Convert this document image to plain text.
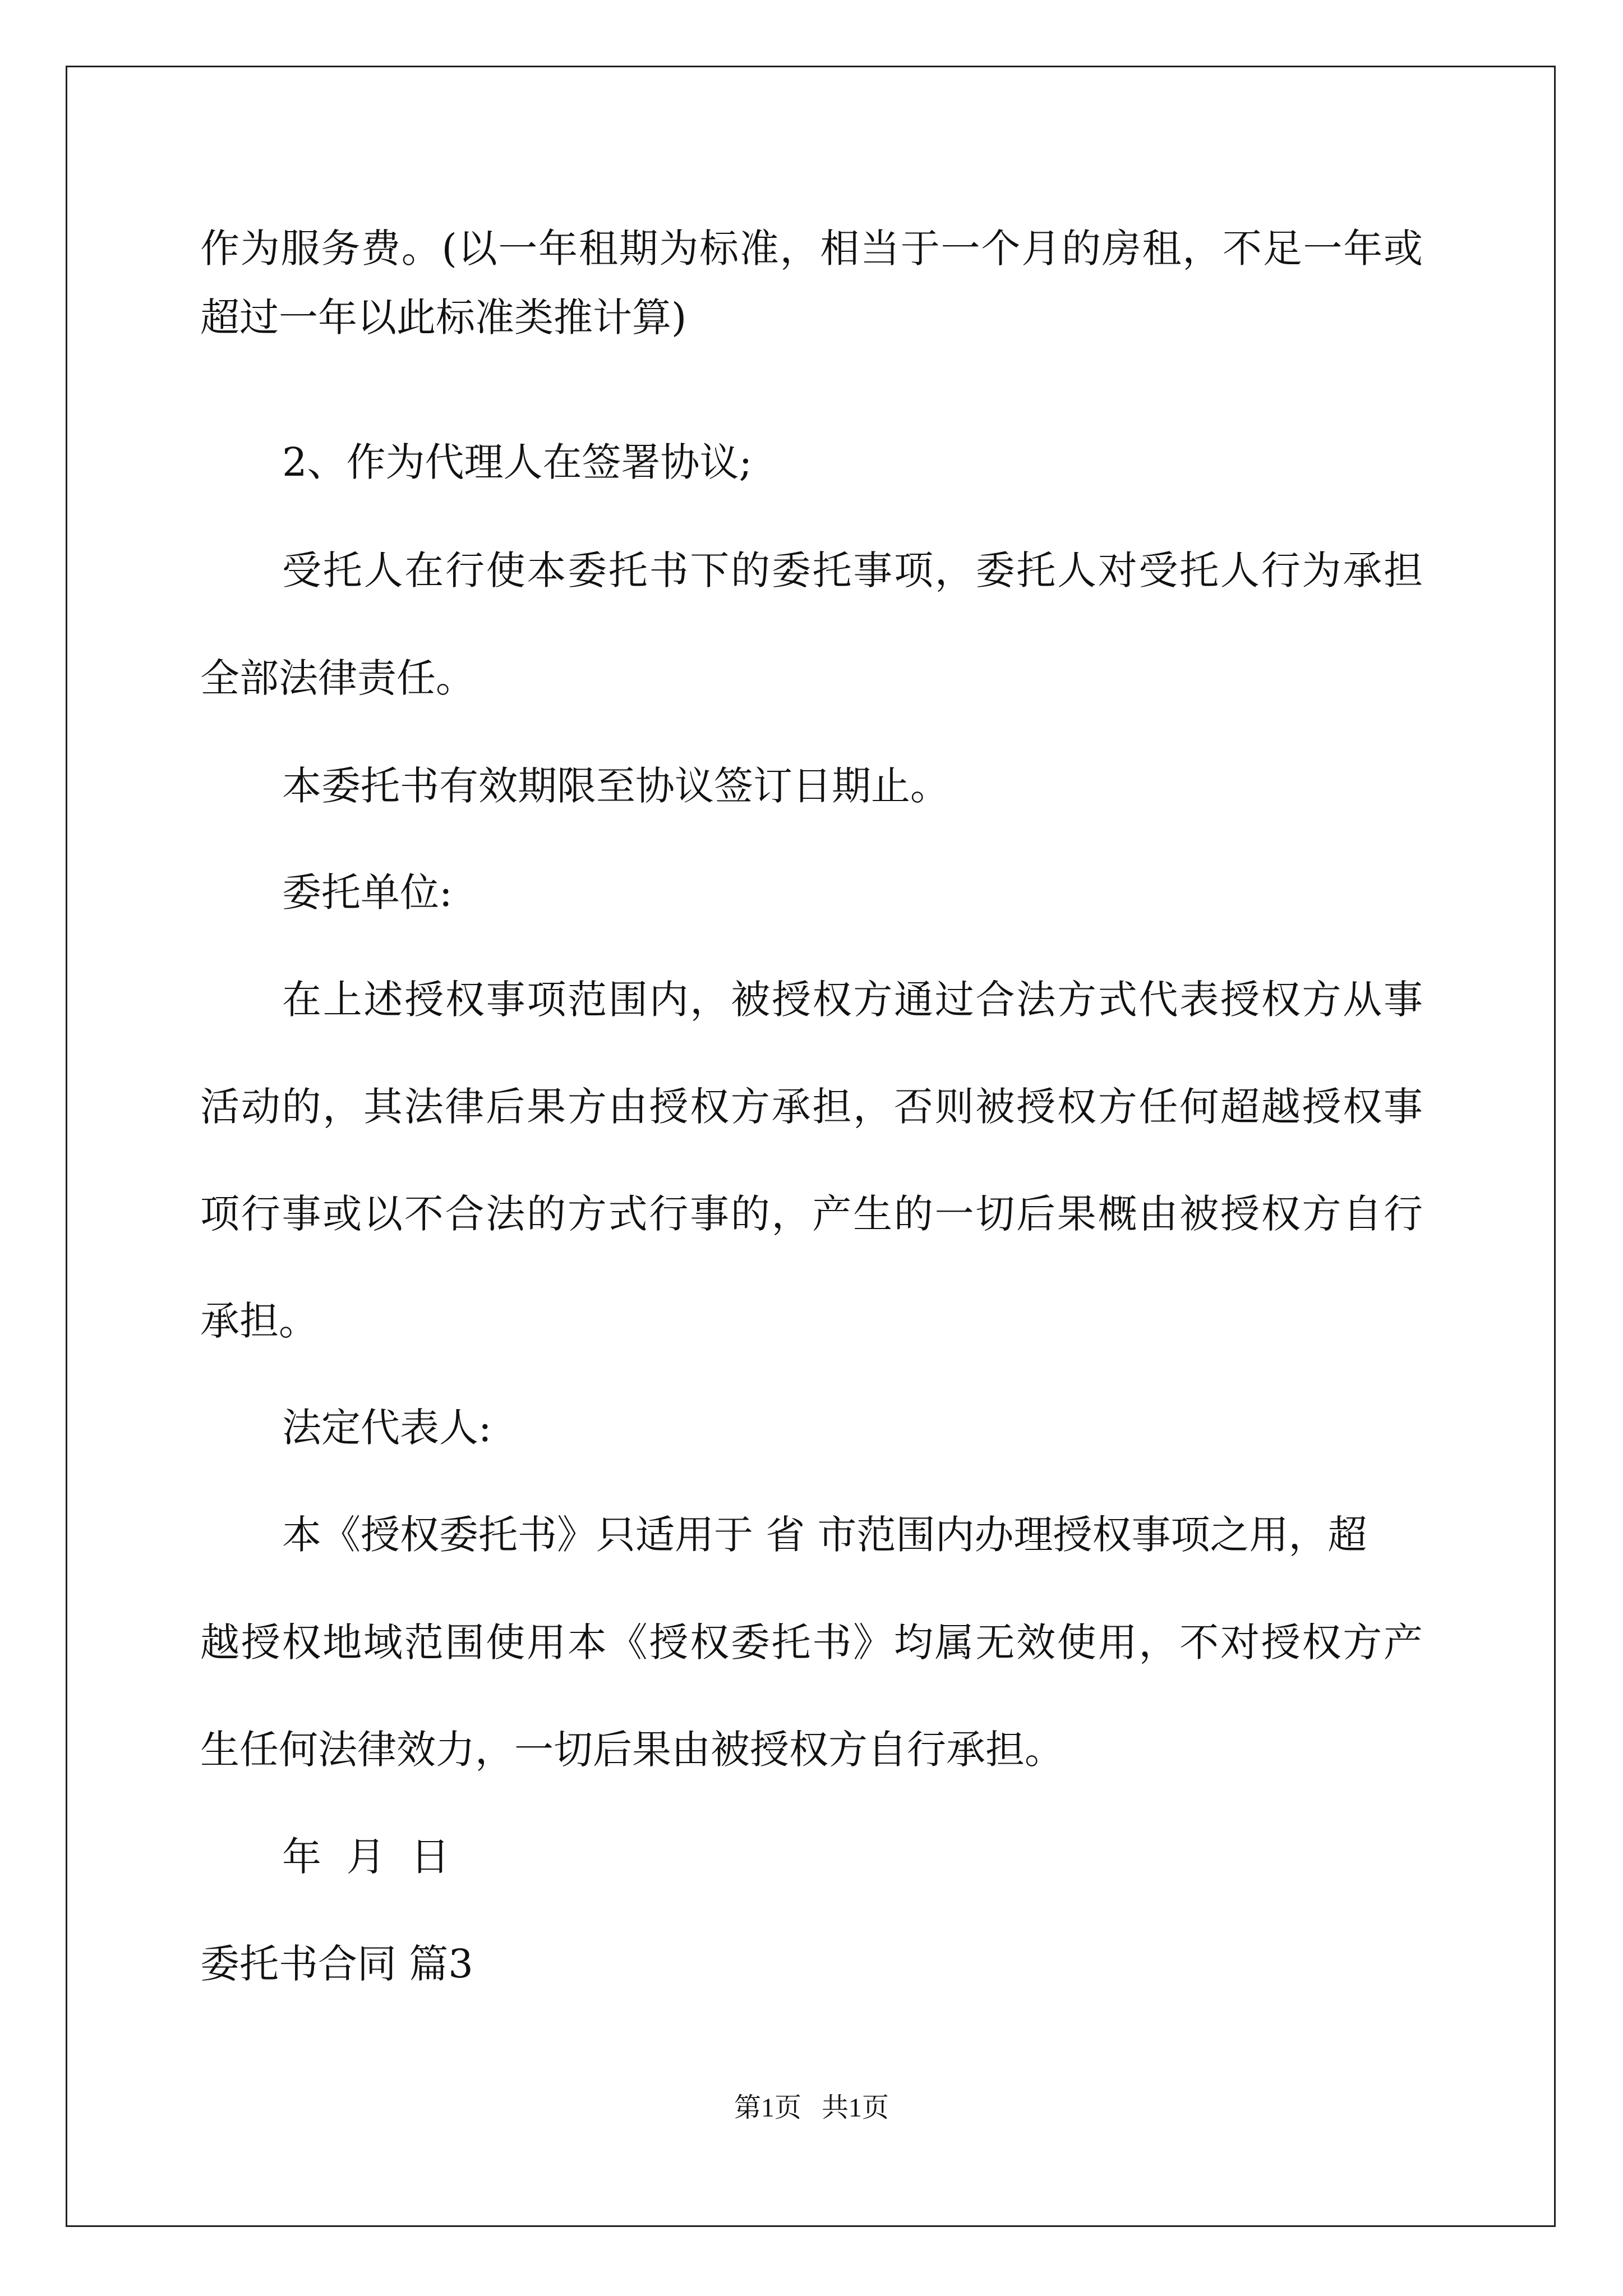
作为服务费。(以一年租期为标准，相当于一个月的房租，不足一年或

超过一年以此标准类推计算)

2、作为代理人在签署协议;

受托人在行使本委托书下的委托事项，委托人对受托人行为承担

全部法律责任。

本委托书有效期限至协议签订日期止。

委托单位:

在上述授权事项范围内，被授权方通过合法方式代表授权方从事

活动的，其法律后果方由授权方承担，否则被授权方任何超越授权事

项行事或以不合法的方式行事的，产生的一切后果概由被授权方自行

承担。

法定代表人:

本《授权委托书》只适用于 省 市范围内办理授权事项之用，超

越授权地域范围使用本《授权委托书》均属无效使用，不对授权方产

生任何法律效力，一切后果由被授权方自行承担。

年  月  日

委托书合同 篇3

第1页   共1页
